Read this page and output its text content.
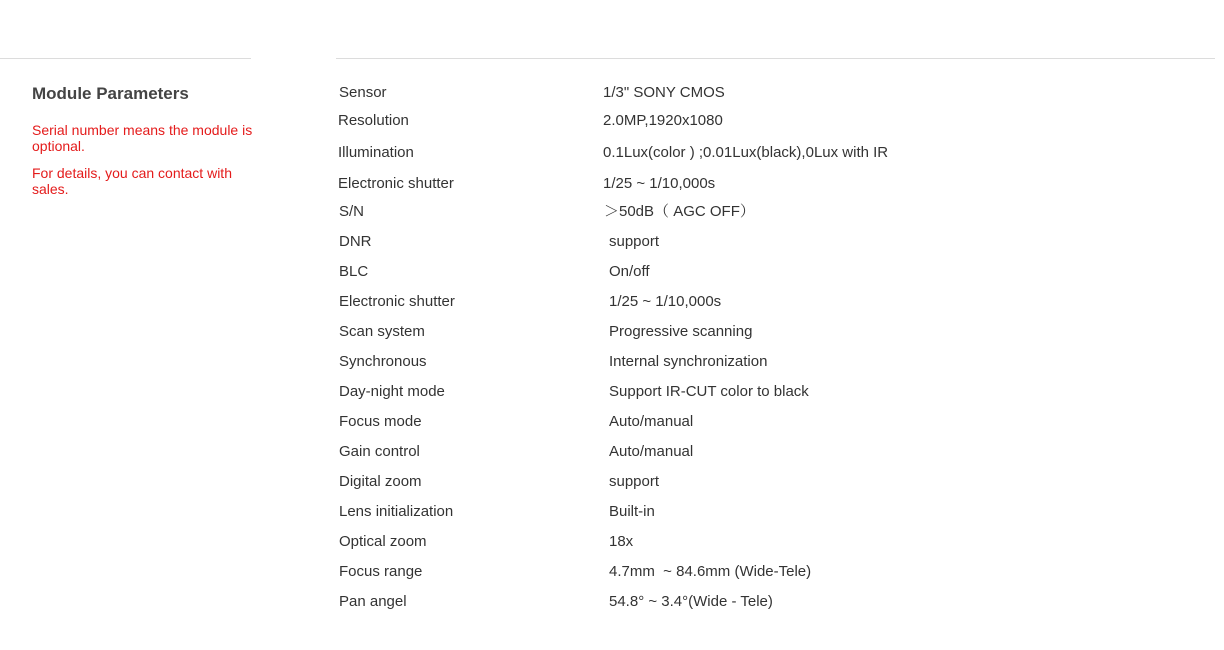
Module Parameters
Serial number means the module is optional.
For details, you can contact with sales.
Sensor	1/3" SONY CMOS
Resolution	2.0MP,1920x1080
Illumination	0.1Lux(color ) ;0.01Lux(black),0Lux with IR
Electronic shutter	1/25 ~ 1/10,000s
S/N	＞50dB（ AGC OFF）
DNR	support
BLC	On/off
Electronic shutter	1/25 ~ 1/10,000s
Scan system	Progressive scanning
Synchronous	Internal synchronization
Day-night mode	Support IR-CUT color to black
Focus mode	Auto/manual
Gain control	Auto/manual
Digital zoom	support
Lens initialization	Built-in
Optical zoom	18x
Focus range	4.7mm  ~ 84.6mm (Wide-Tele)
Pan angel	54.8° ~ 3.4°(Wide - Tele)
